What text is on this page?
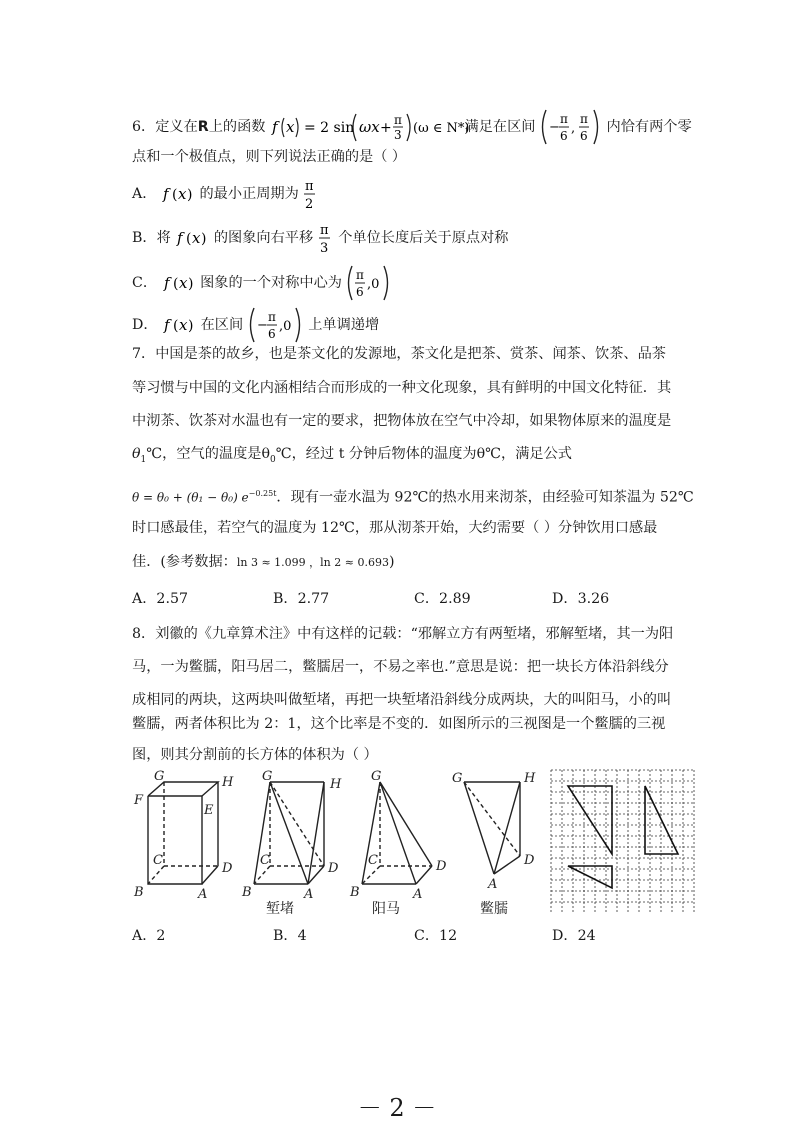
6．定义在R上的函数 f x = 2 sin ωx + π
3 (ω ∈ N*)
满足在区间 −
π
6 ,
π
6
内恰有两个零
点和一个极值点，则下列说法正确的是（ ）
A． f ( x ) 的最小正周期为 π
2
B．将 f ( x ) 的图象向右平移 π
3
个单位长度后关于原点对称
C． f ( x ) 图象的一个对称中心为 π
6 ,0
D． f ( x ) 在区间 −
π
6 ,0 上单调递增
7．中国是茶的故乡，也是茶文化的发源地，茶文化是把茶、赏茶、闻茶、饮茶、品茶
等习惯与中国的文化内涵相结合而形成的一种文化现象，具有鲜明的中国文化特征．其
中沏茶、饮茶对水温也有一定的要求，把物体放在空气中冷却，如果物体原来的温度是
$\theta_1℃$，空气的温度是$\theta_0℃$，经过 t 分钟后物体的温度为θ℃，满足公式
θ = θ₀ + (θ₁ − θ₀) $e^{-0.25t}$．现有一壶水温为 92℃的热水用来沏茶，由经验可知茶温为 52℃
时口感最佳，若空气的温度为 12℃，那从沏茶开始，大约需要（ ）分钟饮用口感最
佳．(参考数据：ln 3 ≈ 1.099 ，ln 2 ≈ 0.693)
A．2.57	B．2.77	C．2.89	D．3.26
8．刘徽的《九章算术注》中有这样的记载：“邪解立方有两堑堵，邪解堑堵，其一为阳
马，一为鳖臑，阳马居二，鳖臑居一，不易之率也.”意思是说：把一块长方体沿斜线分
成相同的两块，这两块叫做堑堵，再把一块堑堵沿斜线分成两块，大的叫阳马，小的叫
鳖臑，两者体积比为 2：1，这个比率是不变的．如图所示的三视图是一个鳖臑的三视
图，则其分割前的长方体的体积为（ ）
G	H
F
E
C
D
B	A
G
H
C
D
B	A
G
C	D
B	A
G	H
D
A
堑堵	阳马	鳖臑
A．2	B．4	C．12	D．24
－ 2 －
